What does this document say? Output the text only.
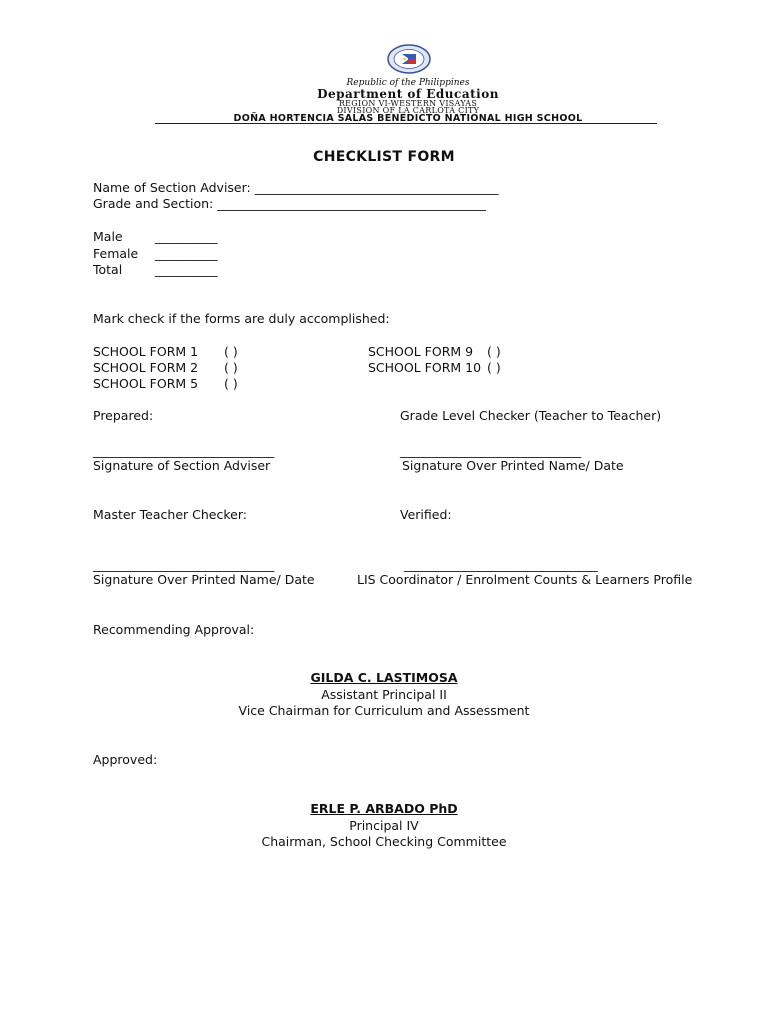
Republic of the Philippines
Department of Education
REGION VI-WESTERN VISAYAS
DIVISION OF LA CARLOTA CITY
DOÑA HORTENCIA SALAS BENEDICTO NATIONAL HIGH SCHOOL
CHECKLIST FORM
Name of Section Adviser: _______________________________________
Grade and Section: ___________________________________________
Male	__________
Female __________
Total	__________
Mark check if the forms are duly accomplished:
SCHOOL FORM 1 ( )
SCHOOL FORM 2 ( )
SCHOOL FORM 5 ( )
SCHOOL FORM 9 ( )
SCHOOL FORM 10 ( )
Prepared:	Grade Level Checker (Teacher to Teacher)
_____________________________	_____________________________
Signature of Section Adviser	Signature Over Printed Name/ Date
Master Teacher Checker:	Verified:
_____________________________	_______________________________
Signature Over Printed Name/ Date	LIS Coordinator / Enrolment Counts & Learners Profile
Recommending Approval:
GILDA C. LASTIMOSA
Assistant Principal II
Vice Chairman for Curriculum and Assessment
Approved:
ERLE P. ARBADO PhD
Principal IV
Chairman, School Checking Committee
